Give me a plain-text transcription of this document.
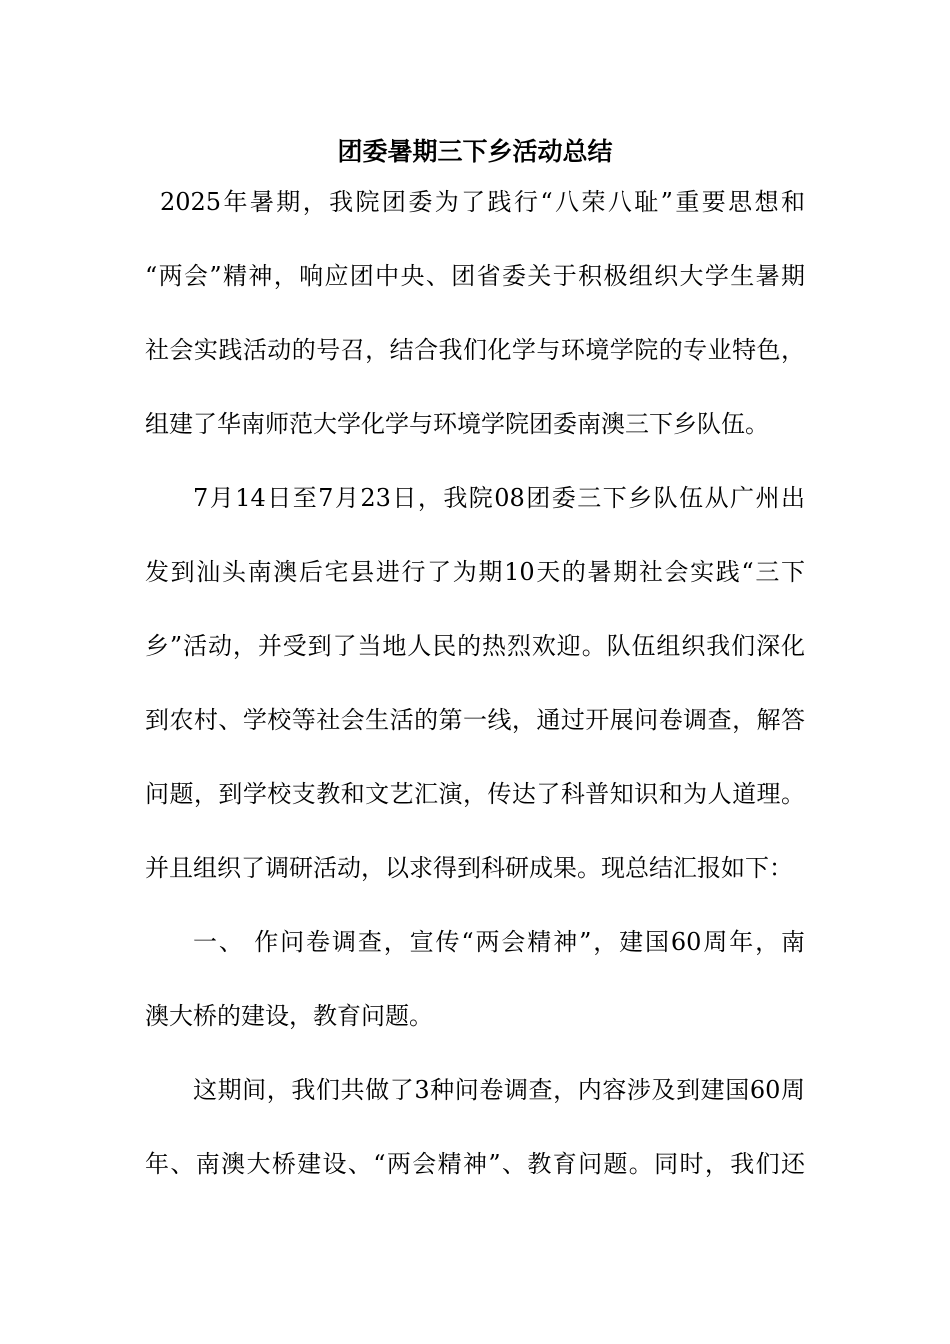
团委暑期三下乡活动总结

2025年暑期，我院团委为了践行“八荣八耻”重要思想和

“两会”精神，响应团中央、团省委关于积极组织大学生暑期

社会实践活动的号召，结合我们化学与环境学院的专业特色，

组建了华南师范大学化学与环境学院团委南澳三下乡队伍。

7月14日至7月23日，我院08团委三下乡队伍从广州出

发到汕头南澳后宅县进行了为期10天的暑期社会实践“三下

乡”活动，并受到了当地人民的热烈欢迎。队伍组织我们深化

到农村、学校等社会生活的第一线，通过开展问卷调查，解答

问题，到学校支教和文艺汇演，传达了科普知识和为人道理。

并且组织了调研活动，以求得到科研成果。现总结汇报如下：

一、 作问卷调查，宣传“两会精神”，建国60周年，南

澳大桥的建设，教育问题。

这期间，我们共做了3种问卷调查，内容涉及到建国60周

年、南澳大桥建设、“两会精神”、教育问题。同时，我们还
